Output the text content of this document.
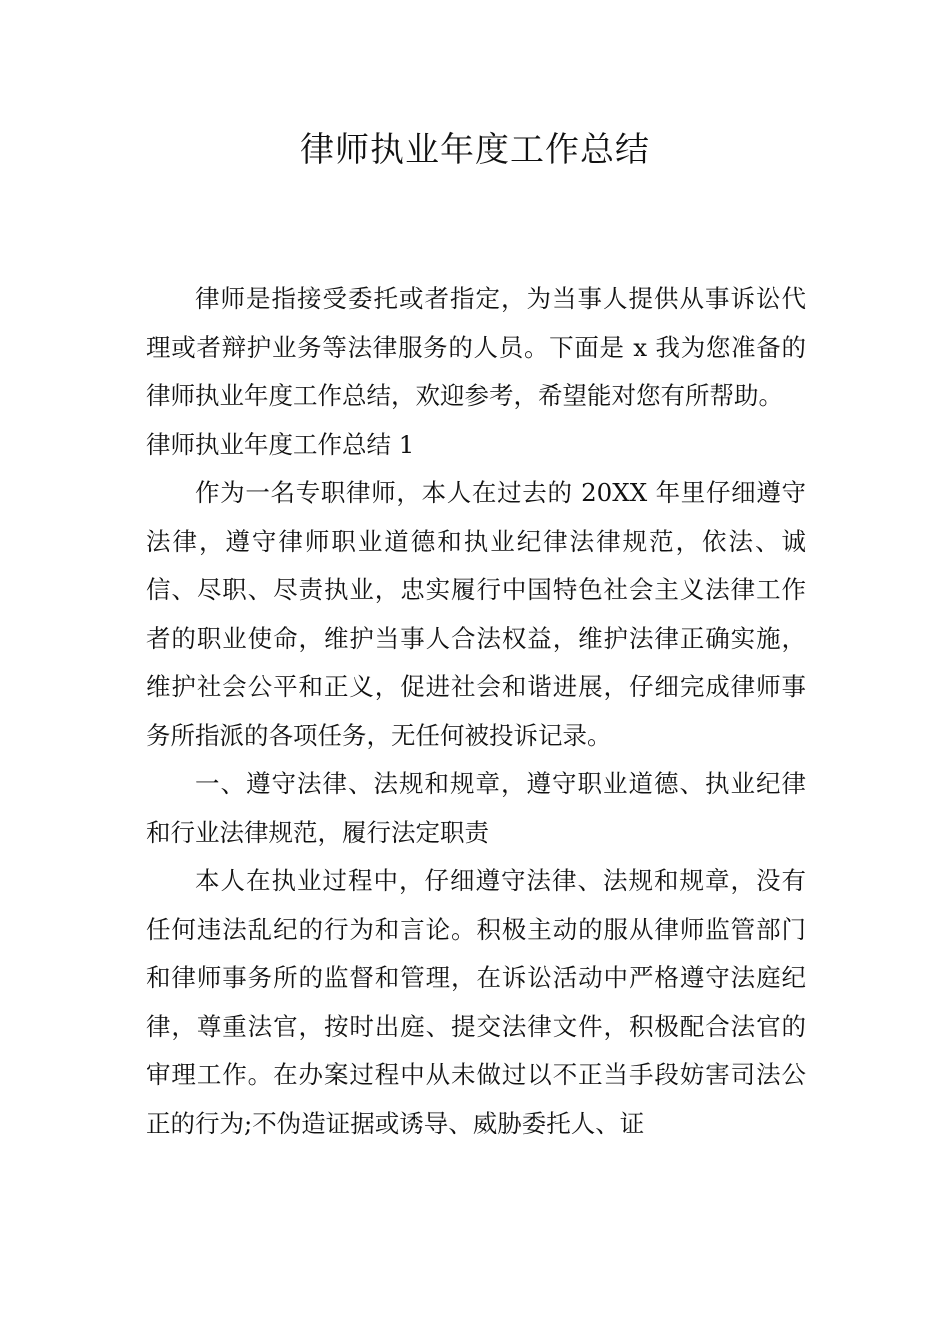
律师执业年度工作总结

律师是指接受委托或者指定，为当事人提供从事诉讼代理或者辩护业务等法律服务的人员。下面是 x 我为您准备的律师执业年度工作总结，欢迎参考，希望能对您有所帮助。

律师执业年度工作总结 1

作为一名专职律师，本人在过去的 20XX 年里仔细遵守法律，遵守律师职业道德和执业纪律法律规范，依法、诚信、尽职、尽责执业，忠实履行中国特色社会主义法律工作者的职业使命，维护当事人合法权益，维护法律正确实施，维护社会公平和正义，促进社会和谐进展，仔细完成律师事务所指派的各项任务，无任何被投诉记录。

一、遵守法律、法规和规章，遵守职业道德、执业纪律和行业法律规范，履行法定职责

本人在执业过程中，仔细遵守法律、法规和规章，没有任何违法乱纪的行为和言论。积极主动的服从律师监管部门和律师事务所的监督和管理，在诉讼活动中严格遵守法庭纪律，尊重法官，按时出庭、提交法律文件，积极配合法官的审理工作。在办案过程中从未做过以不正当手段妨害司法公正的行为;不伪造证据或诱导、威胁委托人、证
